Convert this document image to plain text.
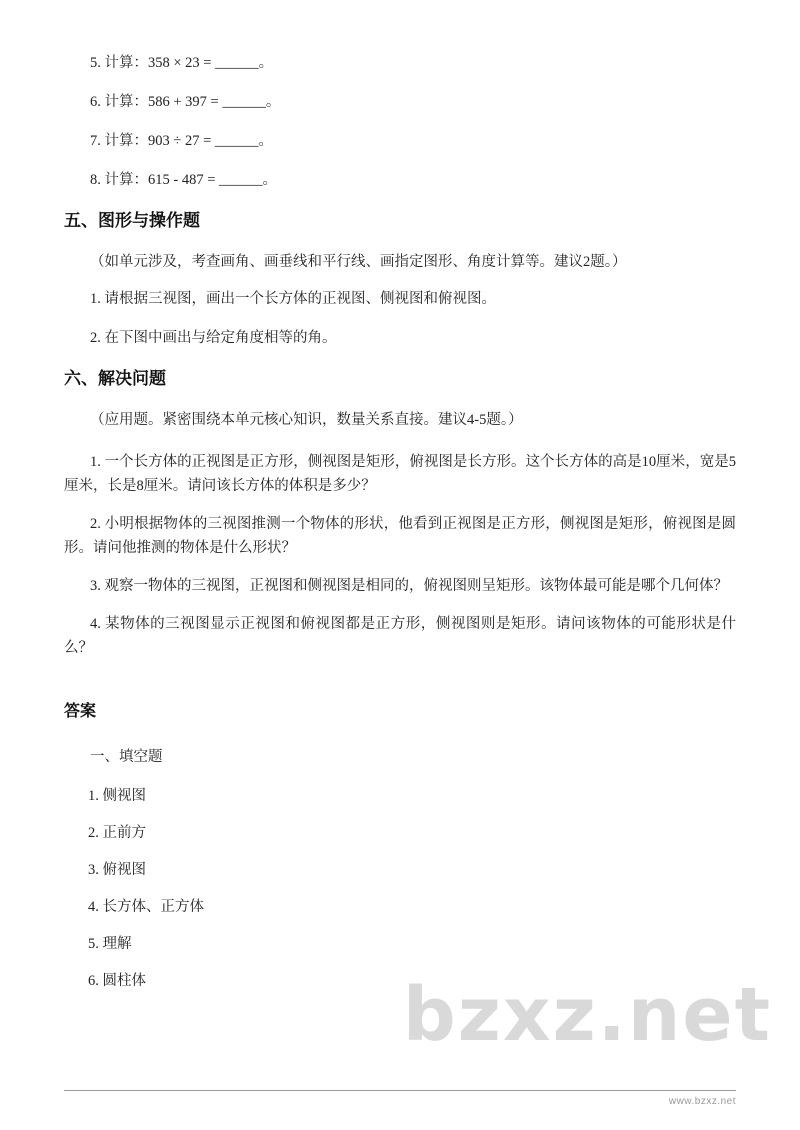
bzxz.net

5. 计算：358 × 23 = ______。

6. 计算：586 + 397 = ______。

7. 计算：903 ÷ 27 = ______。

8. 计算：615 - 487 = ______。

五、图形与操作题

（如单元涉及，考查画角、画垂线和平行线、画指定图形、角度计算等。建议2题。）

1. 请根据三视图，画出一个长方体的正视图、侧视图和俯视图。

2. 在下图中画出与给定角度相等的角。

六、解决问题

（应用题。紧密围绕本单元核心知识，数量关系直接。建议4-5题。）

1. 一个长方体的正视图是正方形，侧视图是矩形，俯视图是长方形。这个长方体的高是10厘米，宽是5厘米，长是8厘米。请问该长方体的体积是多少？

2. 小明根据物体的三视图推测一个物体的形状，他看到正视图是正方形，侧视图是矩形，俯视图是圆形。请问他推测的物体是什么形状？

3. 观察一物体的三视图，正视图和侧视图是相同的，俯视图则呈矩形。该物体最可能是哪个几何体？

4. 某物体的三视图显示正视图和俯视图都是正方形，侧视图则是矩形。请问该物体的可能形状是什么？

答案

一、填空题

1. 侧视图

2. 正前方

3. 俯视图

4. 长方体、正方体

5. 理解

6. 圆柱体

www.bzxz.net
